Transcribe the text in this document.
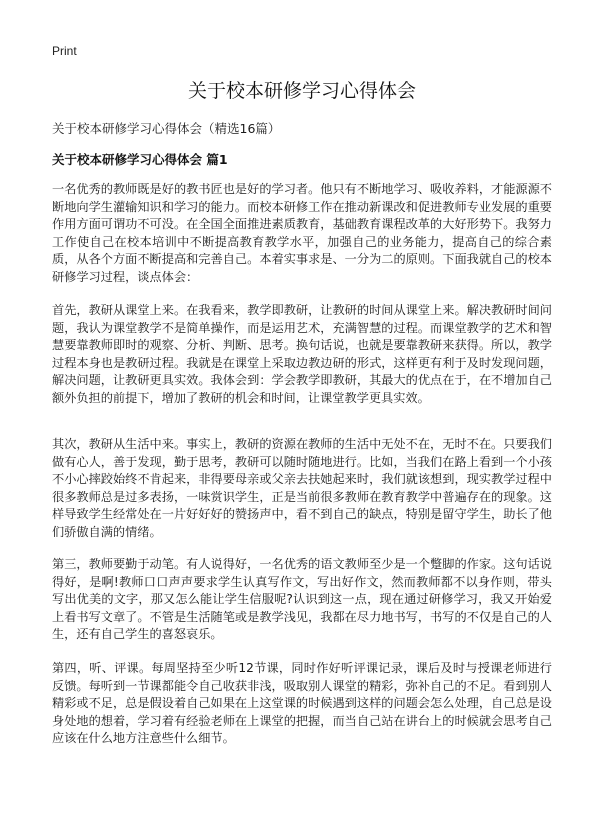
Print
关于校本研修学习心得体会
关于校本研修学习心得体会（精选16篇）
关于校本研修学习心得体会 篇1

一名优秀的教师既是好的教书匠也是好的学习者。他只有不断地学习、吸收养料，才能源源不断地向学生灌输知识和学习的能力。而校本研修工作在推动新课改和促进教师专业发展的重要作用方面可谓功不可没。在全国全面推进素质教育，基础教育课程改革的大好形势下。我努力工作使自己在校本培训中不断提高教育教学水平，加强自己的业务能力，提高自己的综合素质，从各个方面不断提高和完善自己。本着实事求是、一分为二的原则。下面我就自己的校本研修学习过程，谈点体会：

首先，教研从课堂上来。在我看来，教学即教研，让教研的时间从课堂上来。解决教研时间问题，我认为课堂教学不是简单操作，而是运用艺术，充满智慧的过程。而课堂教学的艺术和智慧要靠教师即时的观察、分析、判断、思考。换句话说，也就是要靠教研来获得。所以，教学过程本身也是教研过程。我就是在课堂上采取边教边研的形式，这样更有利于及时发现问题，解决问题，让教研更具实效。我体会到：学会教学即教研，其最大的优点在于，在不增加自己额外负担的前提下，增加了教研的机会和时间，让课堂教学更具实效。

其次，教研从生活中来。事实上，教研的资源在教师的生活中无处不在，无时不在。只要我们做有心人，善于发现，勤于思考，教研可以随时随地进行。比如，当我们在路上看到一个小孩不小心摔跤始终不肯起来，非得要母亲或父亲去扶她起来时，我们就该想到，现实教学过程中很多教师总是过多表扬，一味赏识学生，正是当前很多教师在教育教学中普遍存在的现象。这样导致学生经常处在一片好好好的赞扬声中，看不到自己的缺点，特别是留守学生，助长了他们骄傲自满的情绪。

第三，教师要勤于动笔。有人说得好，一名优秀的语文教师至少是一个蹩脚的作家。这句话说得好，是啊!教师口口声声要求学生认真写作文，写出好作文，然而教师都不以身作则，带头写出优美的文字，那又怎么能让学生信服呢?认识到这一点，现在通过研修学习，我又开始爱上看书写文章了。不管是生活随笔或是教学浅见，我都在尽力地书写，书写的不仅是自己的人生，还有自己学生的喜怒哀乐。

第四，听、评课。每周坚持至少听12节课，同时作好听评课记录，课后及时与授课老师进行反馈。每听到一节课都能令自己收获非浅，吸取别人课堂的精彩，弥补自己的不足。看到别人精彩或不足，总是假设着自己如果在上这堂课的时候遇到这样的问题会怎么处理，自己总是设身处地的想着，学习着有经验老师在上课堂的把握，而当自己站在讲台上的时候就会思考自己应该在什么地方注意些什么细节。
